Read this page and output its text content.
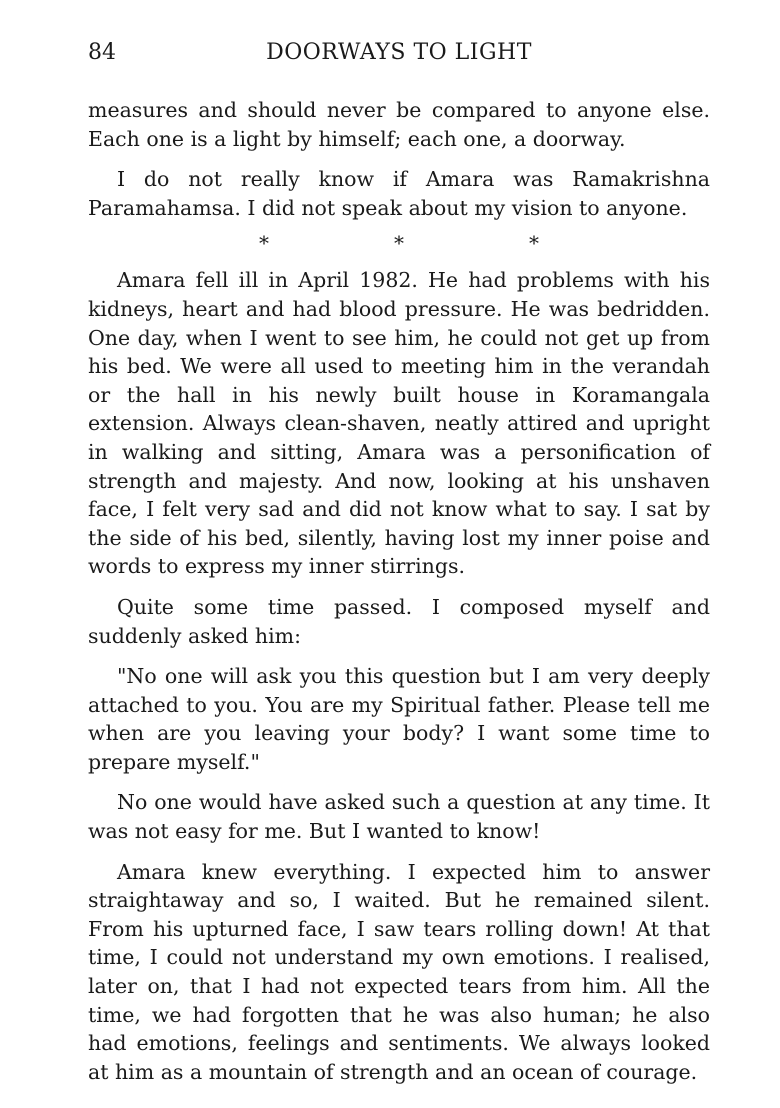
84	DOORWAYS TO LIGHT

measures and should never be compared to anyone else. Each one is a light by himself; each one, a doorway.

I do not really know if Amara was Ramakrishna Paramahamsa. I did not speak about my vision to anyone.

*	*	*

Amara fell ill in April 1982. He had problems with his kidneys, heart and had blood pressure. He was bedridden. One day, when I went to see him, he could not get up from his bed. We were all used to meeting him in the verandah or the hall in his newly built house in Koramangala extension. Always clean-shaven, neatly attired and upright in walking and sitting, Amara was a personification of strength and majesty. And now, looking at his unshaven face, I felt very sad and did not know what to say. I sat by the side of his bed, silently, having lost my inner poise and words to express my inner stirrings.

Quite some time passed. I composed myself and suddenly asked him:

"No one will ask you this question but I am very deeply attached to you. You are my Spiritual father. Please tell me when are you leaving your body? I want some time to prepare myself."

No one would have asked such a question at any time. It was not easy for me. But I wanted to know!

Amara knew everything. I expected him to answer straightaway and so, I waited. But he remained silent. From his upturned face, I saw tears rolling down! At that time, I could not understand my own emotions. I realised, later on, that I had not expected tears from him. All the time, we had forgotten that he was also human; he also had emotions, feelings and sentiments. We always looked at him as a mountain of strength and an ocean of courage.
